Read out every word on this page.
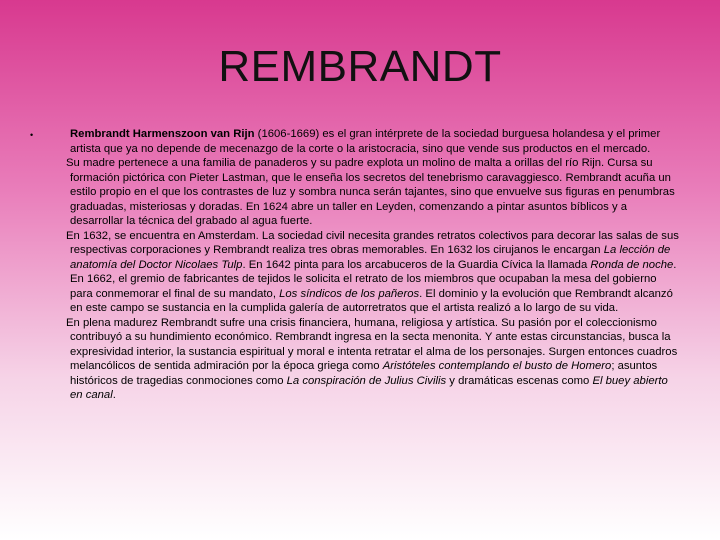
REMBRANDT
•	Rembrandt Harmenszoon van Rijn (1606-1669) es el gran intérprete de la sociedad burguesa holandesa y el primer artista que ya no depende de mecenazgo de la corte o la aristocracia, sino que vende sus productos en el mercado.

Su madre pertenece a una familia de panaderos y su padre explota un molino de malta a orillas del río Rijn. Cursa su formación pictórica con Pieter Lastman, que le enseña los secretos del tenebrismo caravaggiesco. Rembrandt acuña un estilo propio en el que los contrastes de luz y sombra nunca serán tajantes, sino que envuelve sus figuras en penumbras graduadas, misteriosas y doradas. En 1624 abre un taller en Leyden, comenzando a pintar asuntos bíblicos y a desarrollar la técnica del grabado al agua fuerte.

En 1632, se encuentra en Amsterdam. La sociedad civil necesita grandes retratos colectivos para decorar las salas de sus respectivas corporaciones y Rembrandt realiza tres obras memorables. En 1632 los cirujanos le encargan La lección de anatomía del Doctor Nicolaes Tulp. En 1642 pinta para los arcabuceros de la Guardia Cívica la llamada Ronda de noche. En 1662, el gremio de fabricantes de tejidos le solicita el retrato de los miembros que ocupaban la mesa del gobierno para conmemorar el final de su mandato, Los síndicos de los pañeros. El dominio y la evolución que Rembrandt alcanzó en este campo se sustancia en la cumplida galería de autorretratos que el artista realizó a lo largo de su vida.

En plena madurez Rembrandt sufre una crisis financiera, humana, religiosa y artística. Su pasión por el coleccionismo contribuyó a su hundimiento económico. Rembrandt ingresa en la secta menonita. Y ante estas circunstancias, busca la expresividad interior, la sustancia espiritual y moral e intenta retratar el alma de los personajes. Surgen entonces cuadros melancólicos de sentida admiración por la época griega como Aristóteles contemplando el busto de Homero; asuntos históricos de tragedias conmociones como La conspiración de Julius Civilis y dramáticas escenas como El buey abierto en canal.
